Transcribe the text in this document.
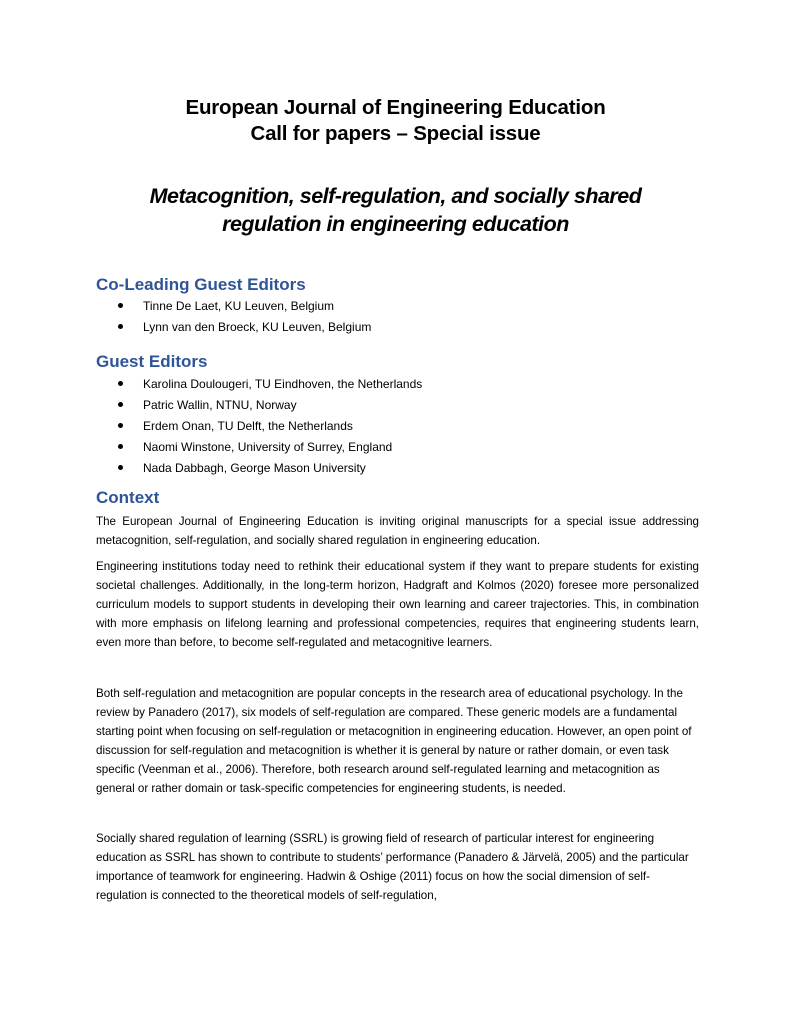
European Journal of Engineering Education
Call for papers – Special issue
Metacognition, self-regulation, and socially shared
regulation in engineering education
Co-Leading Guest Editors
Tinne De Laet, KU Leuven, Belgium
Lynn van den Broeck, KU Leuven, Belgium
Guest Editors
Karolina Doulougeri, TU Eindhoven, the Netherlands
Patric Wallin, NTNU, Norway
Erdem Onan, TU Delft, the Netherlands
Naomi Winstone, University of Surrey, England
Nada Dabbagh, George Mason University
Context

The European Journal of Engineering Education is inviting original manuscripts for a special issue addressing metacognition, self-regulation, and socially shared regulation in engineering education.

Engineering institutions today need to rethink their educational system if they want to prepare students for existing societal challenges. Additionally, in the long-term horizon, Hadgraft and Kolmos (2020) foresee more personalized curriculum models to support students in developing their own learning and career trajectories. This, in combination with more emphasis on lifelong learning and professional competencies, requires that engineering students learn, even more than before, to become self-regulated and metacognitive learners.

Both self-regulation and metacognition are popular concepts in the research area of educational psychology. In the review by Panadero (2017), six models of self-regulation are compared. These generic models are a fundamental starting point when focusing on self-regulation or metacognition in engineering education. However, an open point of discussion for self-regulation and metacognition is whether it is general by nature or rather domain, or even task specific (Veenman et al., 2006). Therefore, both research around self-regulated learning and metacognition as general or rather domain or task-specific competencies for engineering students, is needed.

Socially shared regulation of learning (SSRL) is growing field of research of particular interest for engineering education as SSRL has shown to contribute to students’ performance (Panadero & Järvelä, 2005) and the particular importance of teamwork for engineering. Hadwin & Oshige (2011) focus on how the social dimension of self-regulation is connected to the theoretical models of self-regulation,
